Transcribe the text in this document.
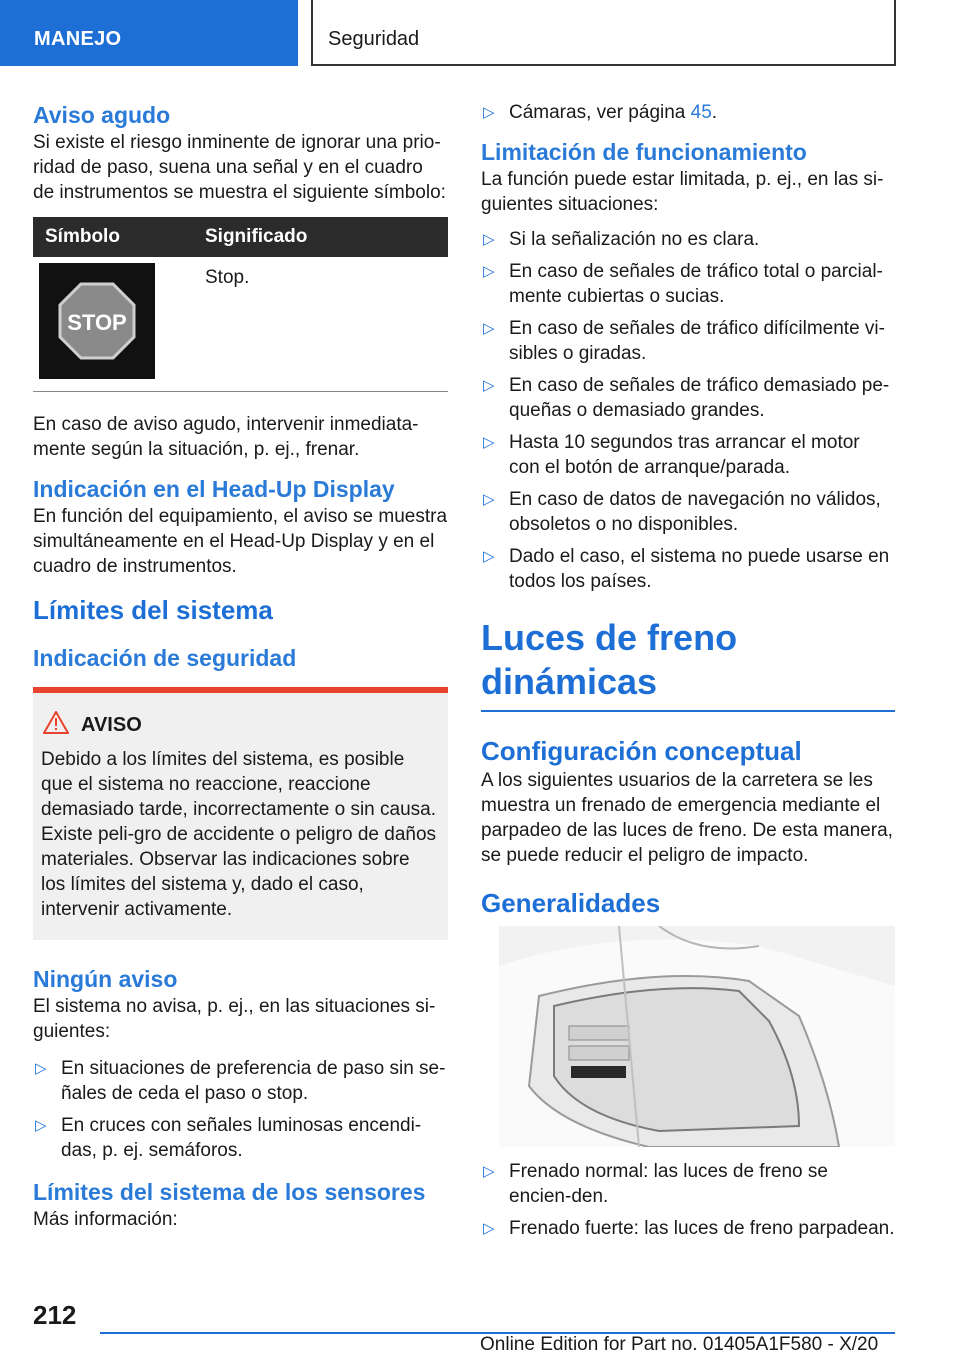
MANEJO	Seguridad
Aviso agudo

Si existe el riesgo inminente de ignorar una prio-ridad de paso, suena una señal y en el cuadro de instrumentos se muestra el siguiente símbolo:

Símbolo	Significado

STOP	Stop.

En caso de aviso agudo, intervenir inmediata-mente según la situación, p. ej., frenar.

Indicación en el Head-Up Display

En función del equipamiento, el aviso se muestra simultáneamente en el Head-Up Display y en el cuadro de instrumentos.

Límites del sistema
Indicación de seguridad
AVISO

Debido a los límites del sistema, es posible que el sistema no reaccione, reaccione demasiado tarde, incorrectamente o sin causa. Existe peli-gro de accidente o peligro de daños materiales. Observar las indicaciones sobre los límites del sistema y, dado el caso, intervenir activamente.

Ningún aviso

El sistema no avisa, p. ej., en las situaciones si-guientes:

▷ En situaciones de preferencia de paso sin se-ñales de ceda el paso o stop.
▷ En cruces con señales luminosas encendi-das, p. ej. semáforos.
Límites del sistema de los sensores

Más información:

▷ Cámaras, ver página 45.
Limitación de funcionamiento

La función puede estar limitada, p. ej., en las si-guientes situaciones:

▷ Si la señalización no es clara.
▷ En caso de señales de tráfico total o parcial-mente cubiertas o sucias.
▷ En caso de señales de tráfico difícilmente vi-sibles o giradas.
▷ En caso de señales de tráfico demasiado pe-queñas o demasiado grandes.
▷ Hasta 10 segundos tras arrancar el motor con el botón de arranque/parada.
▷ En caso de datos de navegación no válidos, obsoletos o no disponibles.
▷ Dado el caso, el sistema no puede usarse en todos los países.
Luces de freno dinámicas
Configuración conceptual

A los siguientes usuarios de la carretera se les muestra un frenado de emergencia mediante el parpadeo de las luces de freno. De esta manera, se puede reducir el peligro de impacto.

Generalidades
▷ Frenado normal: las luces de freno se encien-den.
▷ Frenado fuerte: las luces de freno parpadean.
212
Online Edition for Part no. 01405A1F580 - X/20
